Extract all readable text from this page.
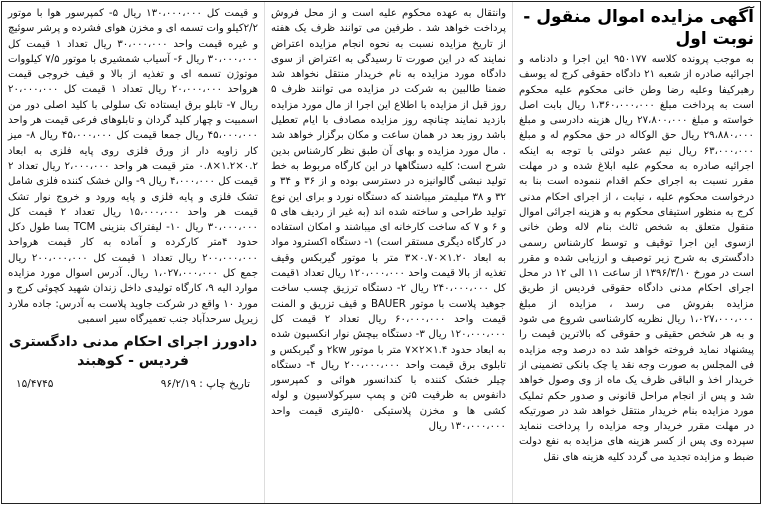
آگهی مزایده اموال منقول - نوبت اول

به موجب پرونده کلاسه ۹۵۰۱۷۷ این اجرا و دادنامه و اجرائیه صادره از شعبه ۲۱ دادگاه حقوقی کرج له یوسف رهبرکیفا وعلیه رضا وطن خانی محکوم علیه محکوم است به پرداخت مبلغ ۱،۳۶۰،۰۰۰،۰۰۰ ریال بابت اصل خواسته و مبلغ ۲۷،۸۰۰،۰۰۰ ریال هزینه دادرسی و مبلغ ۲۹،۸۸۰،۰۰۰ ریال حق الوکاله در حق محکوم له و مبلغ ۶۳،۰۰۰،۰۰۰ ریال نیم عشر دولتی با توجه به اینکه اجرائیه صادره به محکوم علیه ابلاغ شده و در مهلت مقرر نسبت به اجرای حکم اقدام ننموده است بنا به درخواست محکوم علیه ، نیابت ، از اجرای احکام مدنی کرج به منظور استیفای محکوم به و هزینه اجرائی اموال منقول متعلق به شخص ثالث بنام لاله وطن خانی ازسوی این اجرا توقیف و توسط کارشناس رسمی دادگستری به شرح زیر توصیف و ارزیابی شده و مقرر است در مورخ ۱۳۹۶/۳/۱۰ از ساعت ۱۱ الی ۱۲ در محل اجرای احکام مدنی دادگاه حقوقی فردیس از طریق مزایده بفروش می رسد ، مزایده از مبلغ ۱،۰۲۷،۰۰۰،۰۰۰ ریال نظریه کارشناسی شروع می شود و به هر شخص حقیقی و حقوقی که بالاترین قیمت را پیشنهاد نماید فروخته خواهد شد ده درصد وجه مزایده فی المجلس به صورت وجه نقد یا چک بانکی تضمینی از خریدار اخذ و الباقی ظرف یک ماه از وی وصول خواهد شد و پس از انجام مراحل قانونی و صدور حکم تملیک مورد مزایده بنام خریدار منتقل خواهد شد در صورتیکه در مهلت مقرر خریدار وجه مزایده را پرداخت ننماید سپرده وی پس از کسر هزینه های مزایده به نفع دولت ضبط و مزایده تجدید می گردد کلیه هزینه های نقل

وانتقال به عهده محکوم علیه است و از محل فروش پرداخت خواهد شد . طرفین می توانند ظرف یک هفته از تاریخ مزایده نسبت به نحوه انجام مزایده اعتراض نمایند که در این صورت تا رسیدگی به اعتراض از سوی دادگاه مورد مزایده به نام خریدار منتقل نخواهد شد ضمنا طالبین به شرکت در مزایده می توانند ظرف ۵ روز قبل از مزایده با اطلاع این اجرا از مال مورد مزایده بازدید نمایند چنانچه روز مزایده مصادف با ایام تعطیل باشد روز بعد در همان ساعت و مکان برگزار خواهد شد . مال مورد مزایده و بهای آن طبق نظر کارشناس بدین شرح است: کلیه دستگاهها در این کارگاه مربوط به خط تولید نبشی گالوانیزه در دسترسی بوده و از ۳۶ و ۳۴ و ۳۲ و ۳۸ میلیمتر میباشند که دستگاه نورد و برای این نوع تولید طراحی و ساخته شده اند (به غیر از ردیف های ۵ و ۶ و ۷ که ساخت کارخانه ای میباشند و امکان استفاده در کارگاه دیگری مستقر است) ۱- دستگاه اکسترود مواد به ابعاد ۱.۲۰×۰.۷۰×۳ متر با موتور گیربکس وقیف تغذیه از بالا قیمت واحد ۱۲۰،۰۰۰،۰۰۰ ریال تعداد ۱قیمت کل ۲۴۰،۰۰۰،۰۰۰ ریال ۲- دستگاه ترزیق چسب ساخت جوهید پلاست با موتور BAUER و قیف تزریق و المنت قیمت واحد ۶۰،۰۰۰،۰۰۰ ریال تعداد ۲ قیمت کل ۱۲۰،۰۰۰،۰۰۰ ریال ۳- دستگاه بیچش نوار انکسیون شده به ابعاد حدود ۱.۴×۲×۷ متر با موتور ۲kw و گیربکس و تابلوی برق قیمت واحد ۲۰۰،۰۰۰،۰۰۰ ریال ۴- دستگاه چیلر خشک کننده با کندانسور هوائی و کمپرسور دانفوس به ظرفیت ۵تن و پمپ سیرکولاسیون و لوله کشی ها و مخزن پلاستیکی ۵۰لیتری قیمت واحد ۱۳۰،۰۰۰،۰۰۰ ریال

و قیمت کل ۱۳۰،۰۰۰،۰۰۰ ریال ۵- کمپرسور هوا با موتور ۲/۲کیلو وات تسمه ای و مخزن هوای فشرده و پرشر سوئیچ و غیره قیمت واحد ۳۰،۰۰۰،۰۰۰ ریال تعداد ۱ قیمت کل ۳۰،۰۰۰،۰۰۰ ریال ۶- آسیاب شمشیری با موتور ۷/۵ کیلووات موتوژن تسمه ای و تغذیه از بالا و قیف خروجی قیمت هرواحد ۲۰،۰۰۰،۰۰۰ ریال تعداد ۱ قیمت کل ۲۰،۰۰۰،۰۰۰ ریال ۷- تابلو برق ایستاده تک سلولی با کلید اصلی دور من اسمبیت و چهار کلید گردان و تابلوهای فرعی قیمت هر واحد ۴۵،۰۰۰،۰۰۰ ریال جمعا قیمت کل ۴۵،۰۰۰،۰۰۰ ریال ۸- میز کار زاویه دار از ورق فلزی روی پایه فلزی به ابعاد ۰.۲×۱.۲×۰.۸ متر قیمت هر واحد ۲،۰۰۰،۰۰۰ ریال تعداد ۲ قیمت کل ۴،۰۰۰،۰۰۰ ریال ۹- والن خشک کننده فلزی شامل تشک فلزی و پایه فلزی و پایه ورود و خروج نوار تشک قیمت هر واحد ۱۵،۰۰۰،۰۰۰ ریال تعداد ۲ قیمت کل ۳۰،۰۰۰،۰۰۰ ریال ۱۰- لیفتراک بنزینی TCM بسا طول دکل حدود ۴متر کارکرده و آماده به کار قیمت هرواحد ۲۰۰،۰۰۰،۰۰۰ ریال تعداد ۱ قیمت کل ۲۰۰،۰۰۰،۰۰۰ ریال جمع کل ۱،۰۲۷،۰۰۰،۰۰۰ ریال. آدرس اسوال مورد مزایده موارد الیه ۹، کارگاه تولیدی داخل زندان شهید کچوئی کرج و مورد ۱۰ واقع در شرکت جاوید پلاست به آدرس: جاده ملارد زیرپل سرحدآباد جنب تعمیرگاه سیر اسمبی

دادورز اجرای احکام مدنی دادگستری
فردیس - کوهبند
تاریخ چاپ : ۹۶/۲/۱۹
۱۵/۴۷۴۵
